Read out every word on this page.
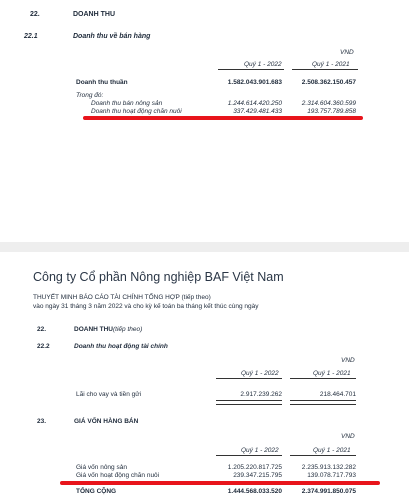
22.	DOANH THU
22.1	Doanh thu về bán hàng
VND
Quý 1 - 2022	Quý 1 - 2021
Doanh thu thuần	1.582.043.901.683	2.508.362.150.457
Trong đó:
Doanh thu bán nông sản	1.244.614.420.250	2.314.604.360.599
Doanh thu hoạt động chăn nuôi	337.429.481.433	193.757.789.858
Công ty Cổ phần Nông nghiệp BAF Việt Nam
THUYẾT MINH BÁO CÁO TÀI CHÍNH TỔNG HỢP (tiếp theo)
vào ngày 31 tháng 3 năm 2022 và cho kỳ kế toán ba tháng kết thúc cùng ngày
22.	DOANH THU (tiếp theo)
22.2	Doanh thu hoạt động tài chính
VND
Quý 1 - 2022	Quý 1 - 2021
Lãi cho vay và tiền gửi	2.917.239.262	218.464.701
23.	GIÁ VỐN HÀNG BÁN
VND
Quý 1 - 2022	Quý 1 - 2021
Giá vốn nông sản	1.205.220.817.725	2.235.913.132.282
Giá vốn hoạt động chăn nuôi	239.347.215.795	139.078.717.793
TỔNG CỘNG	1.444.568.033.520	2.374.991.850.075
